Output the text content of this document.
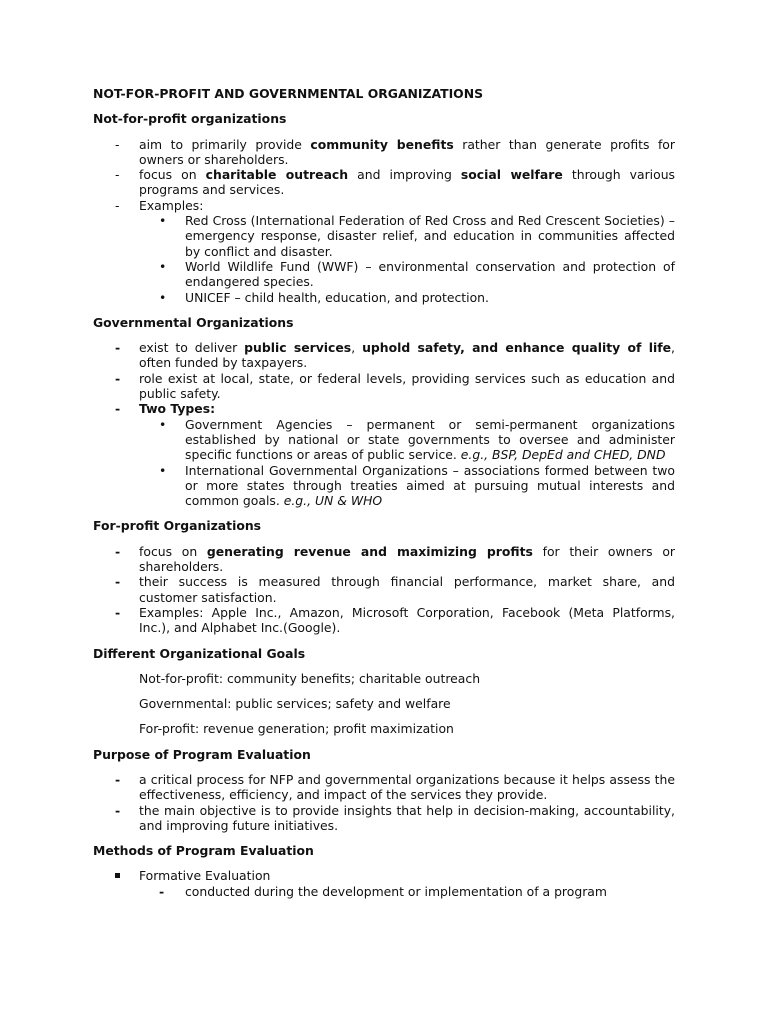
NOT-FOR-PROFIT AND GOVERNMENTAL ORGANIZATIONS
Not-for-profit organizations
- aim to primarily provide community benefits rather than generate profits for owners or shareholders.
- focus on charitable outreach and improving social welfare through various programs and services.
- Examples:
• Red Cross (International Federation of Red Cross and Red Crescent Societies) – emergency response, disaster relief, and education in communities affected by conflict and disaster.
• World Wildlife Fund (WWF) – environmental conservation and protection of endangered species.
• UNICEF – child health, education, and protection.
Governmental Organizations
- exist to deliver public services, uphold safety, and enhance quality of life, often funded by taxpayers.
- role exist at local, state, or federal levels, providing services such as education and public safety.
- Two Types:
• Government Agencies – permanent or semi-permanent organizations established by national or state governments to oversee and administer specific functions or areas of public service. e.g., BSP, DepEd and CHED, DND
• International Governmental Organizations – associations formed between two or more states through treaties aimed at pursuing mutual interests and common goals. e.g., UN & WHO
For-profit Organizations
- focus on generating revenue and maximizing profits for their owners or shareholders.
- their success is measured through financial performance, market share, and customer satisfaction.
- Examples: Apple Inc., Amazon, Microsoft Corporation, Facebook (Meta Platforms, Inc.), and Alphabet Inc.(Google).
Different Organizational Goals
Not-for-profit: community benefits; charitable outreach
Governmental: public services; safety and welfare
For-profit: revenue generation; profit maximization
Purpose of Program Evaluation
- a critical process for NFP and governmental organizations because it helps assess the effectiveness, efficiency, and impact of the services they provide.
- the main objective is to provide insights that help in decision-making, accountability, and improving future initiatives.
Methods of Program Evaluation
Formative Evaluation
- conducted during the development or implementation of a program
